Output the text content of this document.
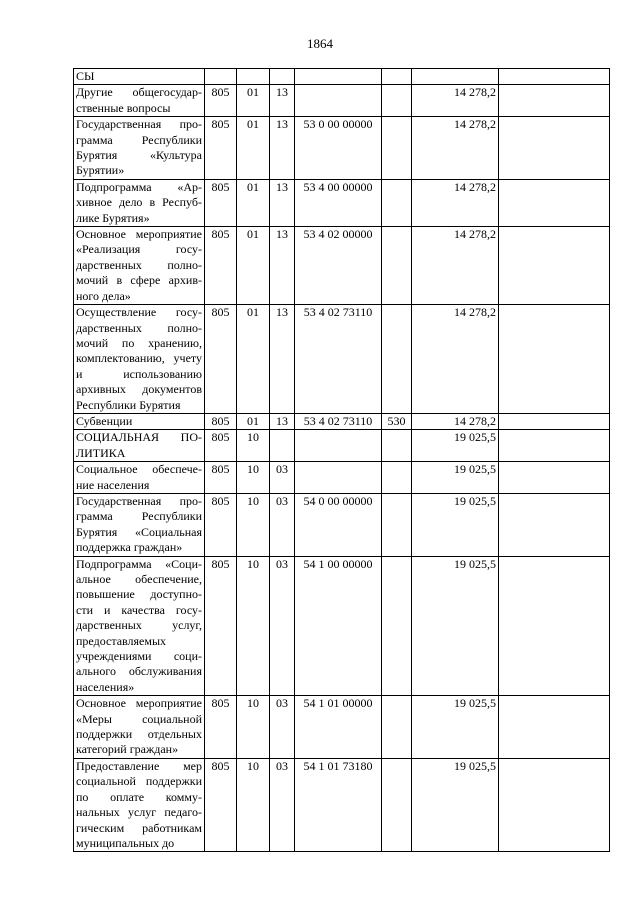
1864
СЫ							
Другие общегосударственные вопросы	805	01	13			14 278,2	
Государственная программа Республики Бурятия «Культура Бурятии»	805	01	13	53 0 00 00000		14 278,2	
Подпрограмма «Архивное дело в Республике Бурятия»	805	01	13	53 4 00 00000		14 278,2	
Основное мероприятие «Реализация государственных полномочий в сфере архивного дела»	805	01	13	53 4 02 00000		14 278,2	
Осуществление государственных полномочий по хранению, комплектованию, учету и использованию архивных документов Республики Бурятия	805	01	13	53 4 02 73110		14 278,2	
Субвенции	805	01	13	53 4 02 73110	530	14 278,2	
СОЦИАЛЬНАЯ ПОЛИТИКА	805	10				19 025,5	
Социальное обеспечение населения	805	10	03			19 025,5	
Государственная программа Республики Бурятия «Социальная поддержка граждан»	805	10	03	54 0 00 00000		19 025,5	
Подпрограмма «Социальное обеспечение, повышение доступности и качества государственных услуг, предоставляемых учреждениями социального обслуживания населения»	805	10	03	54 1 00 00000		19 025,5	
Основное мероприятие «Меры социальной поддержки отдельных категорий граждан»	805	10	03	54 1 01 00000		19 025,5	
Предоставление мер социальной поддержки по оплате коммунальных услуг педагогическим работникам муниципальных до	805	10	03	54 1 01 73180		19 025,5	
